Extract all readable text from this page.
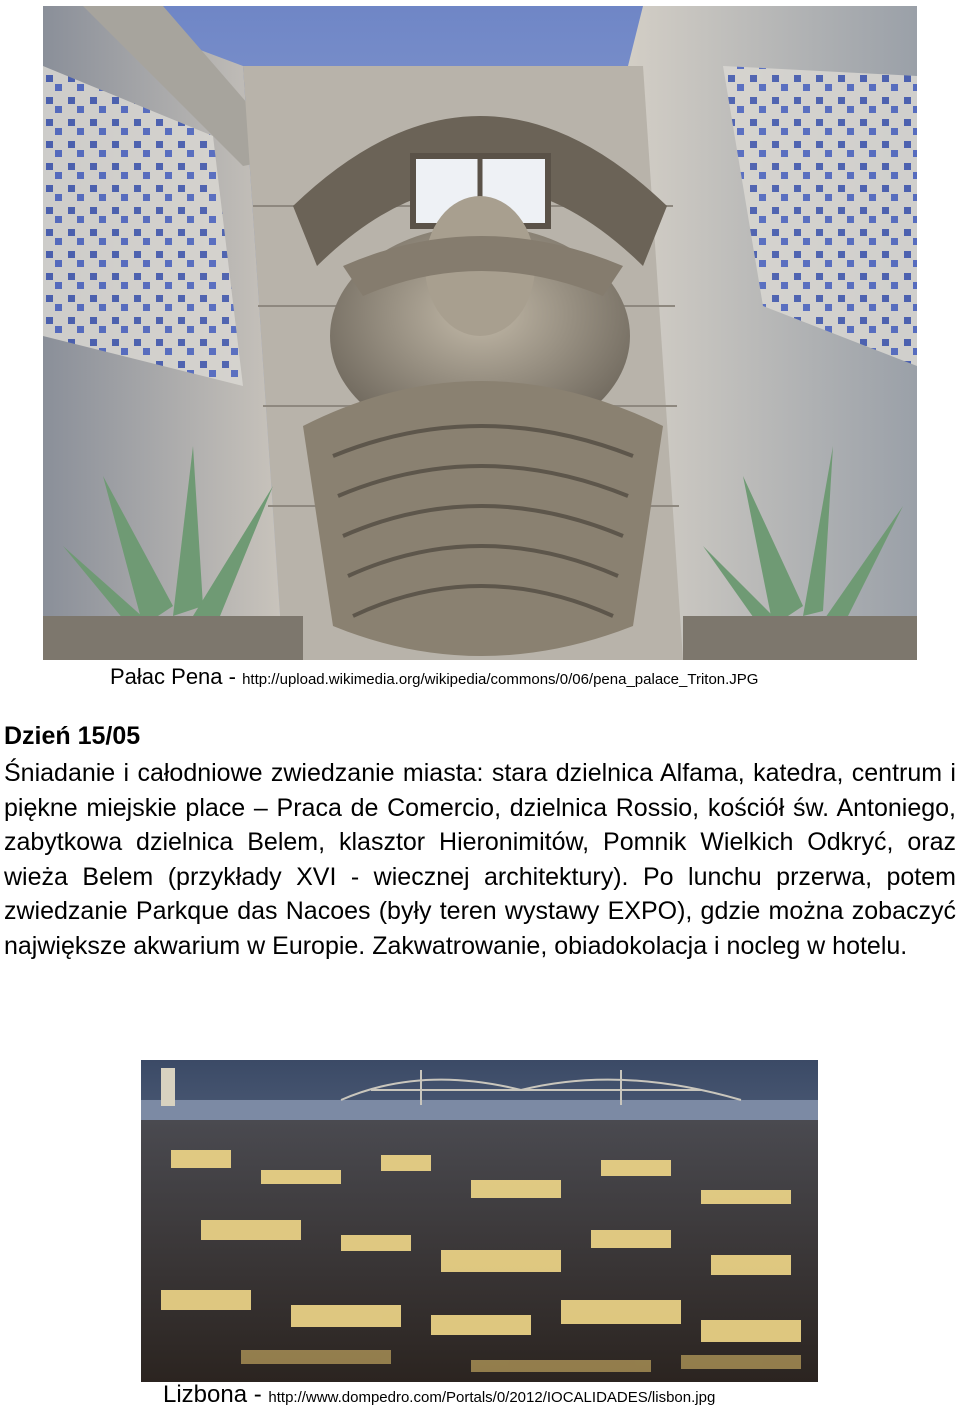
Pałac Pena - http://upload.wikimedia.org/wikipedia/commons/0/06/pena_palace_Triton.JPG
Dzień 15/05
Śniadanie i całodniowe zwiedzanie miasta: stara dzielnica Alfama, katedra, centrum i piękne miejskie place – Praca de Comercio, dzielnica Rossio, kościół św. Antoniego, zabytkowa dzielnica Belem, klasztor Hieronimitów, Pomnik Wielkich Odkryć, oraz wieża Belem (przykłady XVI - wiecznej architektury). Po lunchu przerwa, potem zwiedzanie Parkque das Nacoes (były teren wystawy EXPO), gdzie można zobaczyć największe akwarium w Europie. Zakwatrowanie, obiadokolacja i nocleg w hotelu.
Lizbona - http://www.dompedro.com/Portals/0/2012/IOCALIDADES/lisbon.jpg
